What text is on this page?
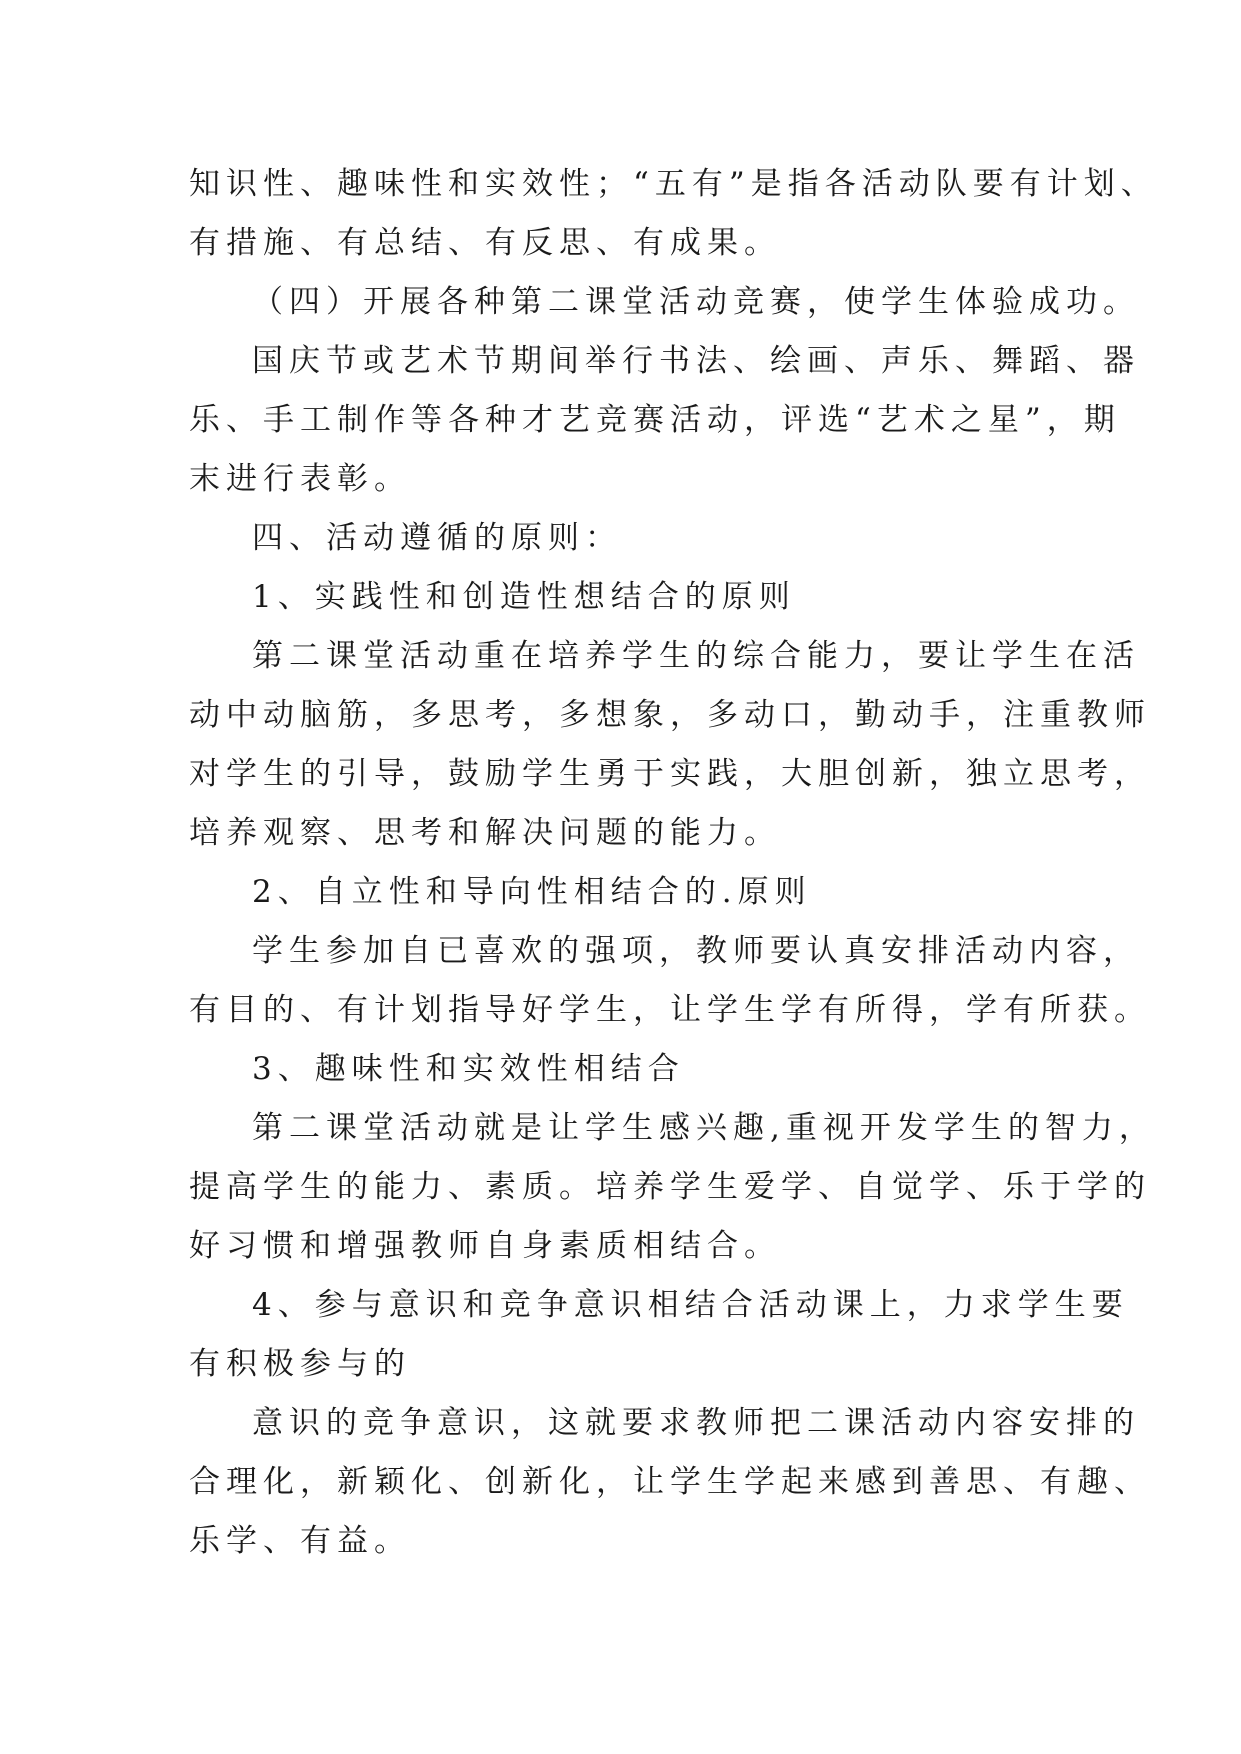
知识性、趣味性和实效性；“五有”是指各活动队要有计划、

有措施、有总结、有反思、有成果。

（四）开展各种第二课堂活动竞赛，使学生体验成功。

国庆节或艺术节期间举行书法、绘画、声乐、舞蹈、器

乐、手工制作等各种才艺竞赛活动，评选“艺术之星”，期

末进行表彰。

四、活动遵循的原则：

1、实践性和创造性想结合的原则

第二课堂活动重在培养学生的综合能力，要让学生在活

动中动脑筋，多思考，多想象，多动口，勤动手，注重教师

对学生的引导，鼓励学生勇于实践，大胆创新，独立思考，

培养观察、思考和解决问题的能力。

2、自立性和导向性相结合的.原则

学生参加自已喜欢的强项，教师要认真安排活动内容，

有目的、有计划指导好学生，让学生学有所得，学有所获。

3、趣味性和实效性相结合

第二课堂活动就是让学生感兴趣,重视开发学生的智力，

提高学生的能力、素质。培养学生爱学、自觉学、乐于学的

好习惯和增强教师自身素质相结合。

4、参与意识和竞争意识相结合活动课上，力求学生要

有积极参与的

意识的竞争意识，这就要求教师把二课活动内容安排的

合理化，新颖化、创新化，让学生学起来感到善思、有趣、

乐学、有益。
